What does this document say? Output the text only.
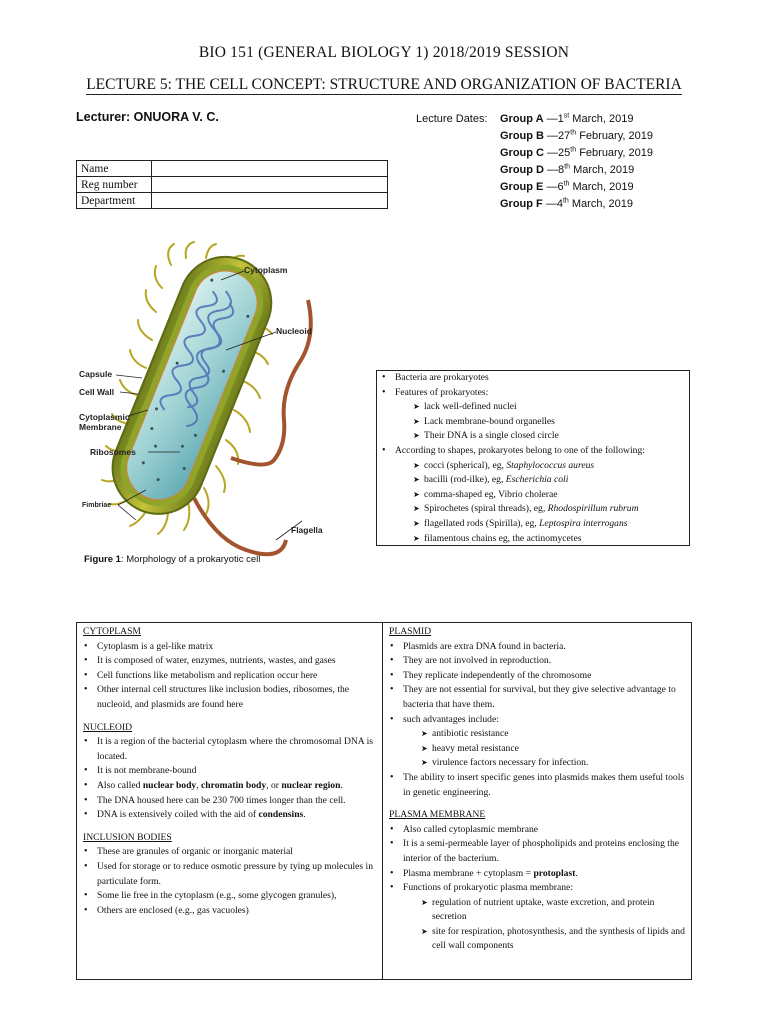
BIO 151 (GENERAL BIOLOGY 1) 2018/2019 SESSION
LECTURE 5: THE CELL CONCEPT: STRUCTURE AND ORGANIZATION OF BACTERIA
Lecturer: ONUORA V. C.	Lecture Dates: Group A —1st March, 2019
Group B —27th February, 2019
Group C —25th February, 2019
Group D —8th March, 2019
Group E —6th March, 2019
Group F —4th March, 2019
Name	
Reg number	
Department	
Cytoplasm
Nucleoid
Capsule
Cell Wall
Cytoplasmic
Membrane
Ribosomes
Fimbriae
Flagella
Figure 1: Morphology of a prokaryotic cell
• Bacteria are prokaryotes
• Features of prokaryotes:
➤ lack well-defined nuclei
➤ Lack membrane-bound organelles
➤ Their DNA is a single closed circle
• According to shapes, prokaryotes belong to one of the following:
➤ cocci (spherical), eg, Staphylococcus aureus
➤ bacilli (rod-ilke), eg, Escherichia coli
➤ comma-shaped eg, Vibrio cholerae
➤ Spirochetes (spiral threads), eg, Rhodospirillum rubrum
➤ flagellated rods (Spirilla), eg, Leptospira interrogans
➤ filamentous chains eg, the actinomycetes
CYTOPLASM
• Cytoplasm is a gel-like matrix
• It is composed of water, enzymes, nutrients, wastes, and gases
• Cell functions like metabolism and replication occur here
• Other internal cell structures like inclusion bodies, ribosomes, the nucleoid, and plasmids are found here
NUCLEOID
• It is a region of the bacterial cytoplasm where the chromosomal DNA is located.
• It is not membrane-bound
• Also called nuclear body, chromatin body, or nuclear region.
• The DNA housed here can be 230 700 times longer than the cell.
• DNA is extensively coiled with the aid of condensins.
INCLUSION BODIES
• These are granules of organic or inorganic material
• Used for storage or to reduce osmotic pressure by tying up molecules in particulate form.
• Some lie free in the cytoplasm (e.g., some glycogen granules),
• Others are enclosed (e.g., gas vacuoles)
PLASMID
• Plasmids are extra DNA found in bacteria.
• They are not involved in reproduction.
• They replicate independently of the chromosome
• They are not essential for survival, but they give selective advantage to bacteria that have them.
• such advantages include:
➤ antibiotic resistance
➤ heavy metal resistance
➤ virulence factors necessary for infection.
• The ability to insert specific genes into plasmids makes them useful tools in genetic engineering.
PLASMA MEMBRANE
• Also called cytoplasmic membrane
• It is a semi-permeable layer of phospholipids and proteins enclosing the interior of the bacterium.
• Plasma membrane + cytoplasm = protoplast.
• Functions of prokaryotic plasma membrane:
➤ regulation of nutrient uptake, waste excretion, and protein secretion
➤ site for respiration, photosynthesis, and the synthesis of lipids and cell wall components
